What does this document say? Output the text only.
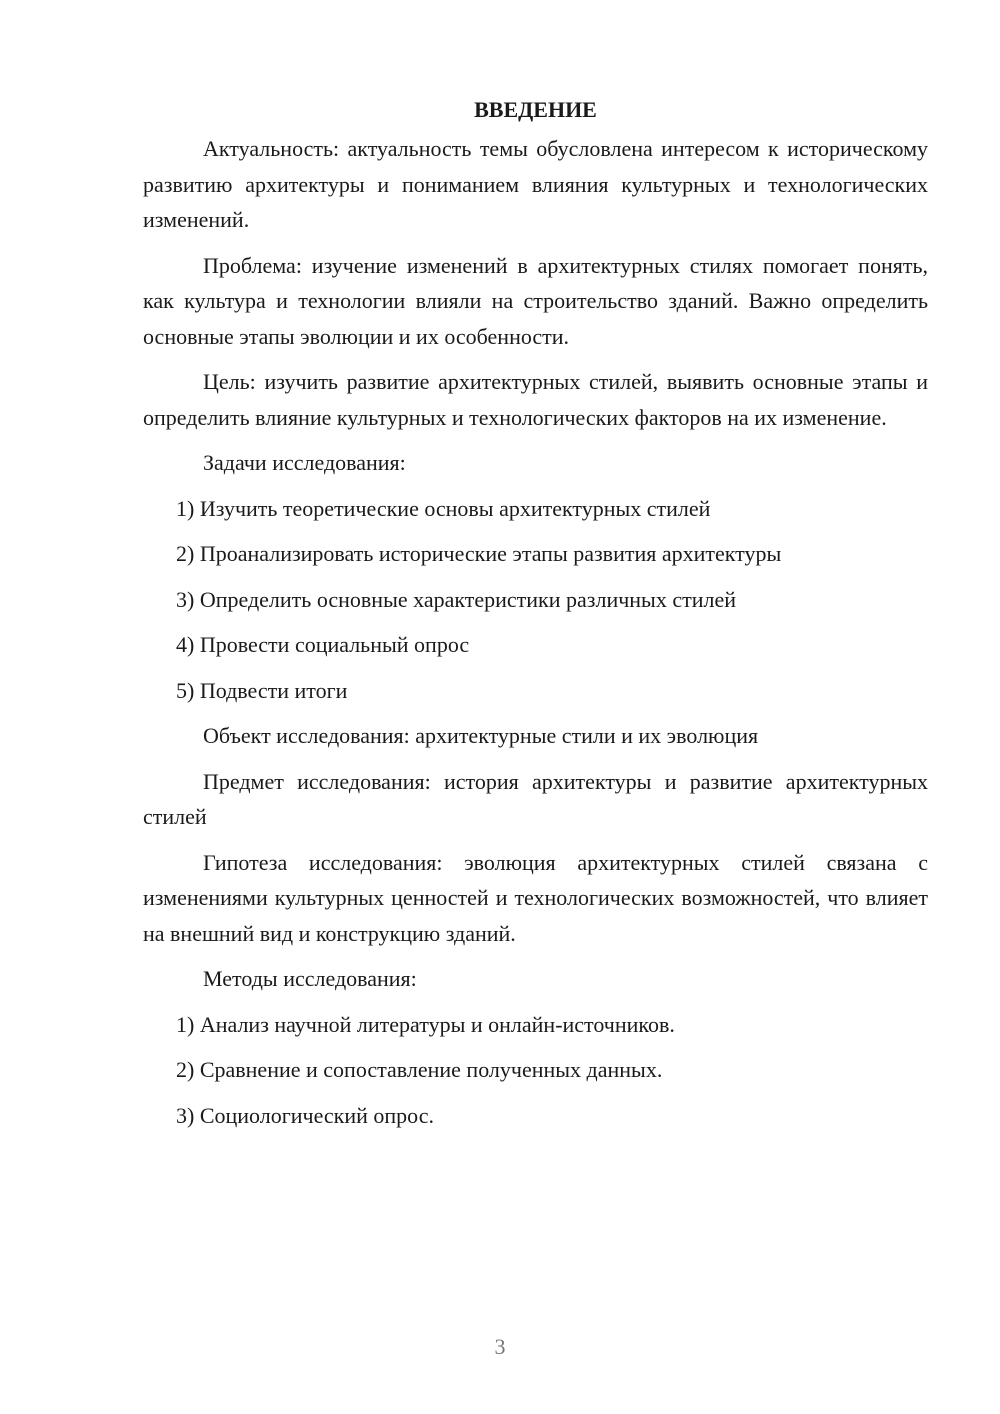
ВВЕДЕНИЕ

Актуальность: актуальность темы обусловлена интересом к историческому развитию архитектуры и пониманием влияния культурных и технологических изменений.

Проблема: изучение изменений в архитектурных стилях помогает понять, как культура и технологии влияли на строительство зданий. Важно определить основные этапы эволюции и их особенности.

Цель: изучить развитие архитектурных стилей, выявить основные этапы и определить влияние культурных и технологических факторов на их изменение.

Задачи исследования:

1) Изучить теоретические основы архитектурных стилей

2) Проанализировать исторические этапы развития архитектуры

3) Определить основные характеристики различных стилей

4) Провести социальный опрос

5) Подвести итоги

Объект исследования: архитектурные стили и их эволюция

Предмет исследования: история архитектуры и развитие архитектурных стилей

Гипотеза исследования: эволюция архитектурных стилей связана с изменениями культурных ценностей и технологических возможностей, что влияет на внешний вид и конструкцию зданий.

Методы исследования:

1) Анализ научной литературы и онлайн-источников.

2) Сравнение и сопоставление полученных данных.

3) Социологический опрос.

3
